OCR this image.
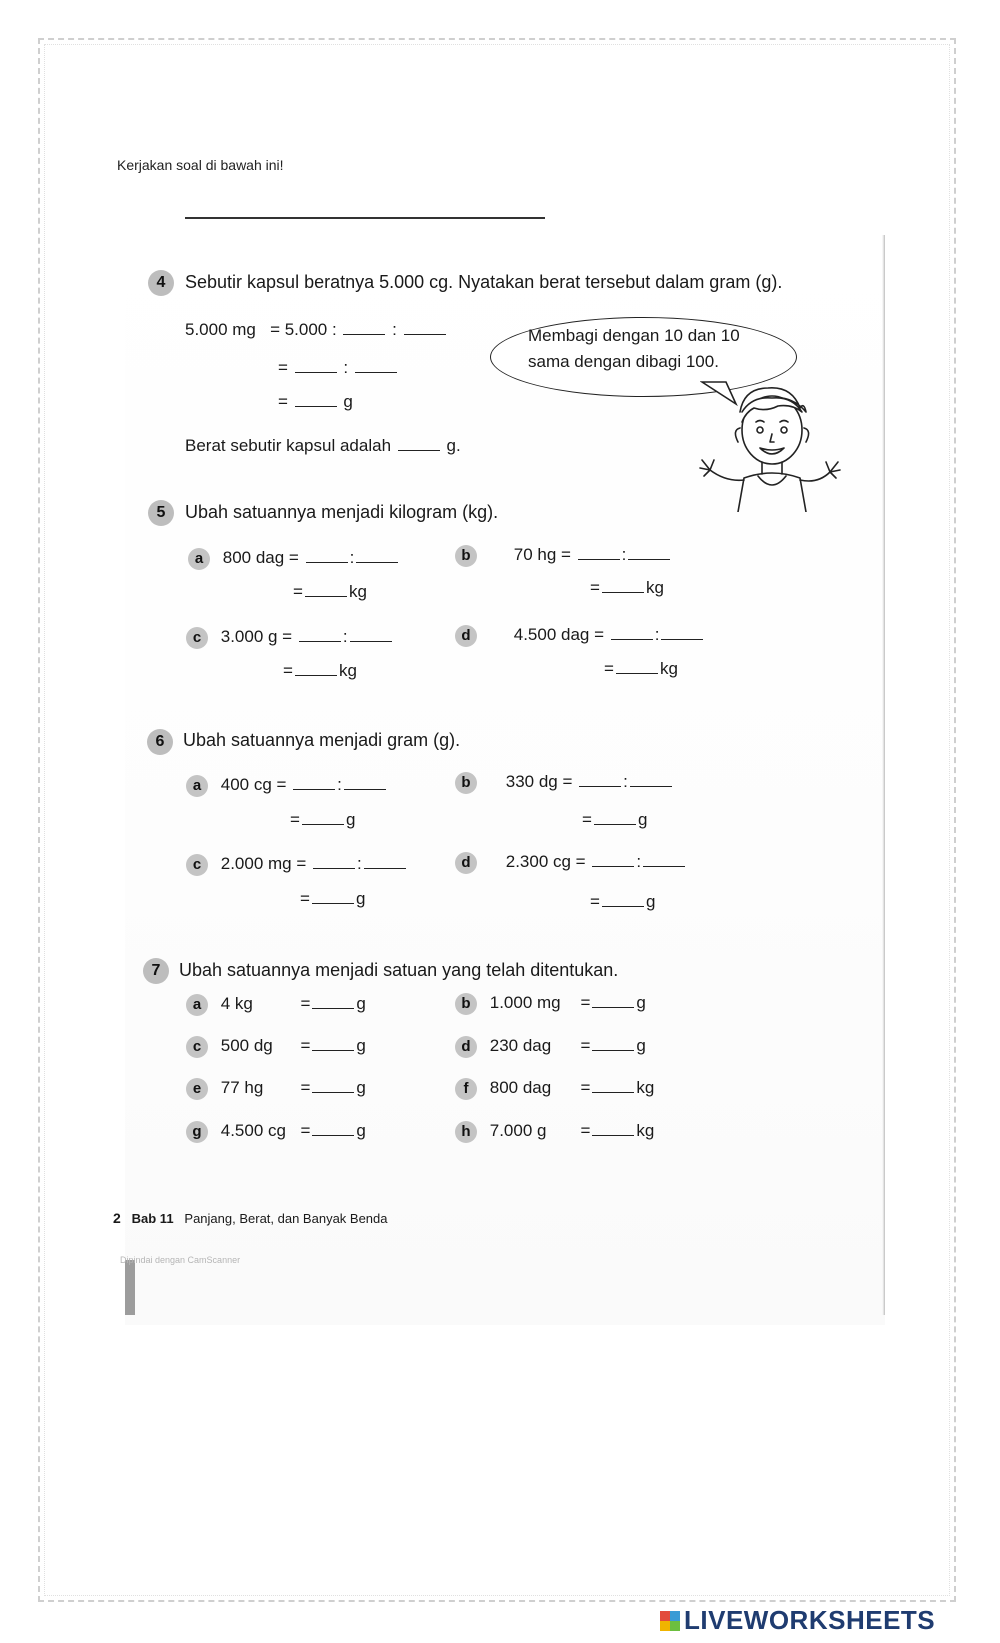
Kerjakan soal di bawah ini!
4	Sebutir kapsul beratnya 5.000 cg. Nyatakan berat tersebut dalam gram (g).
5.000 mg = 5.000 :	:
=	:
=	g
Berat sebutir kapsul adalah	g.
Membagi dengan 10 dan 10
sama dengan dibagi 100.
5	Ubah satuannya menjadi kilogram (kg).
a 800 dag =	:
=	kg
b	70 hg =	:
=	kg
c 3.000 g =	:
=	kg
d	4.500 dag =	:
=	kg
6	Ubah satuannya menjadi gram (g).
a 400 cg =	:
=	g
b 330 dg =	:
=	g
c 2.000 mg =	:
=	g
d 2.300 cg =	:
=	g
7	Ubah satuannya menjadi satuan yang telah ditentukan.
a 4 kg	=	g	b 1.000 mg =	g
c 500 dg =	g	d 230 dag =	g
e 77 hg =	g	f 800 dag =	kg
g 4.500 cg =	g	h 7.000 g =	kg
2 Bab 11 Panjang, Berat, dan Banyak Benda
Dipindai dengan CamScanner
LIVEWORKSHEETS
